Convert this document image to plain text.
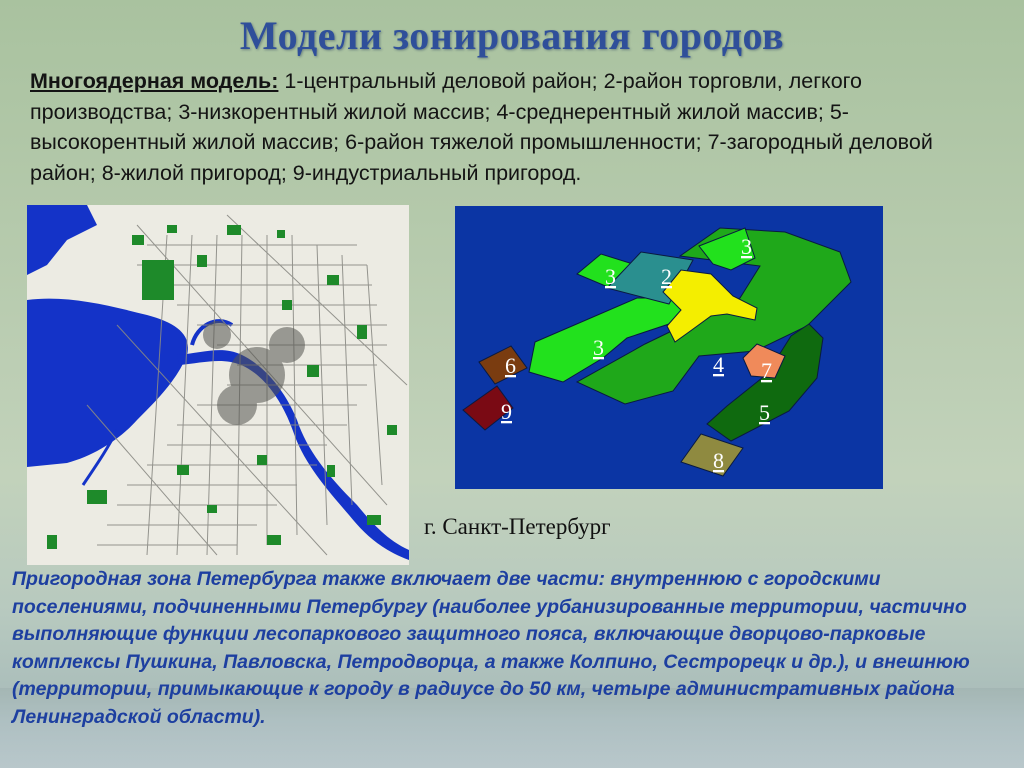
Модели зонирования городов
Многоядерная модель: 1-центральный деловой район; 2-район торговли, легкого производства; 3-низкорентный жилой массив; 4-среднерентный жилой массив; 5-высокорентный жилой массив; 6-район тяжелой промышленности; 7-загородный деловой район; 8-жилой пригород; 9-индустриальный пригород.
3 2
3
3
4 7
6
5
9
8
г. Санкт-Петербург
Пригородная зона Петербурга также включает две части: внутреннюю с городскими поселениями, подчиненными Петербургу (наиболее урбанизированные территории, частично выполняющие функции лесопаркового защитного пояса, включающие дворцово-парковые комплексы Пушкина, Павловска, Петродворца, а также Колпино, Сестрорецк и др.), и внешнюю (территории, примыкающие к городу в радиусе до 50 км, четыре административных района Ленинградской области).
